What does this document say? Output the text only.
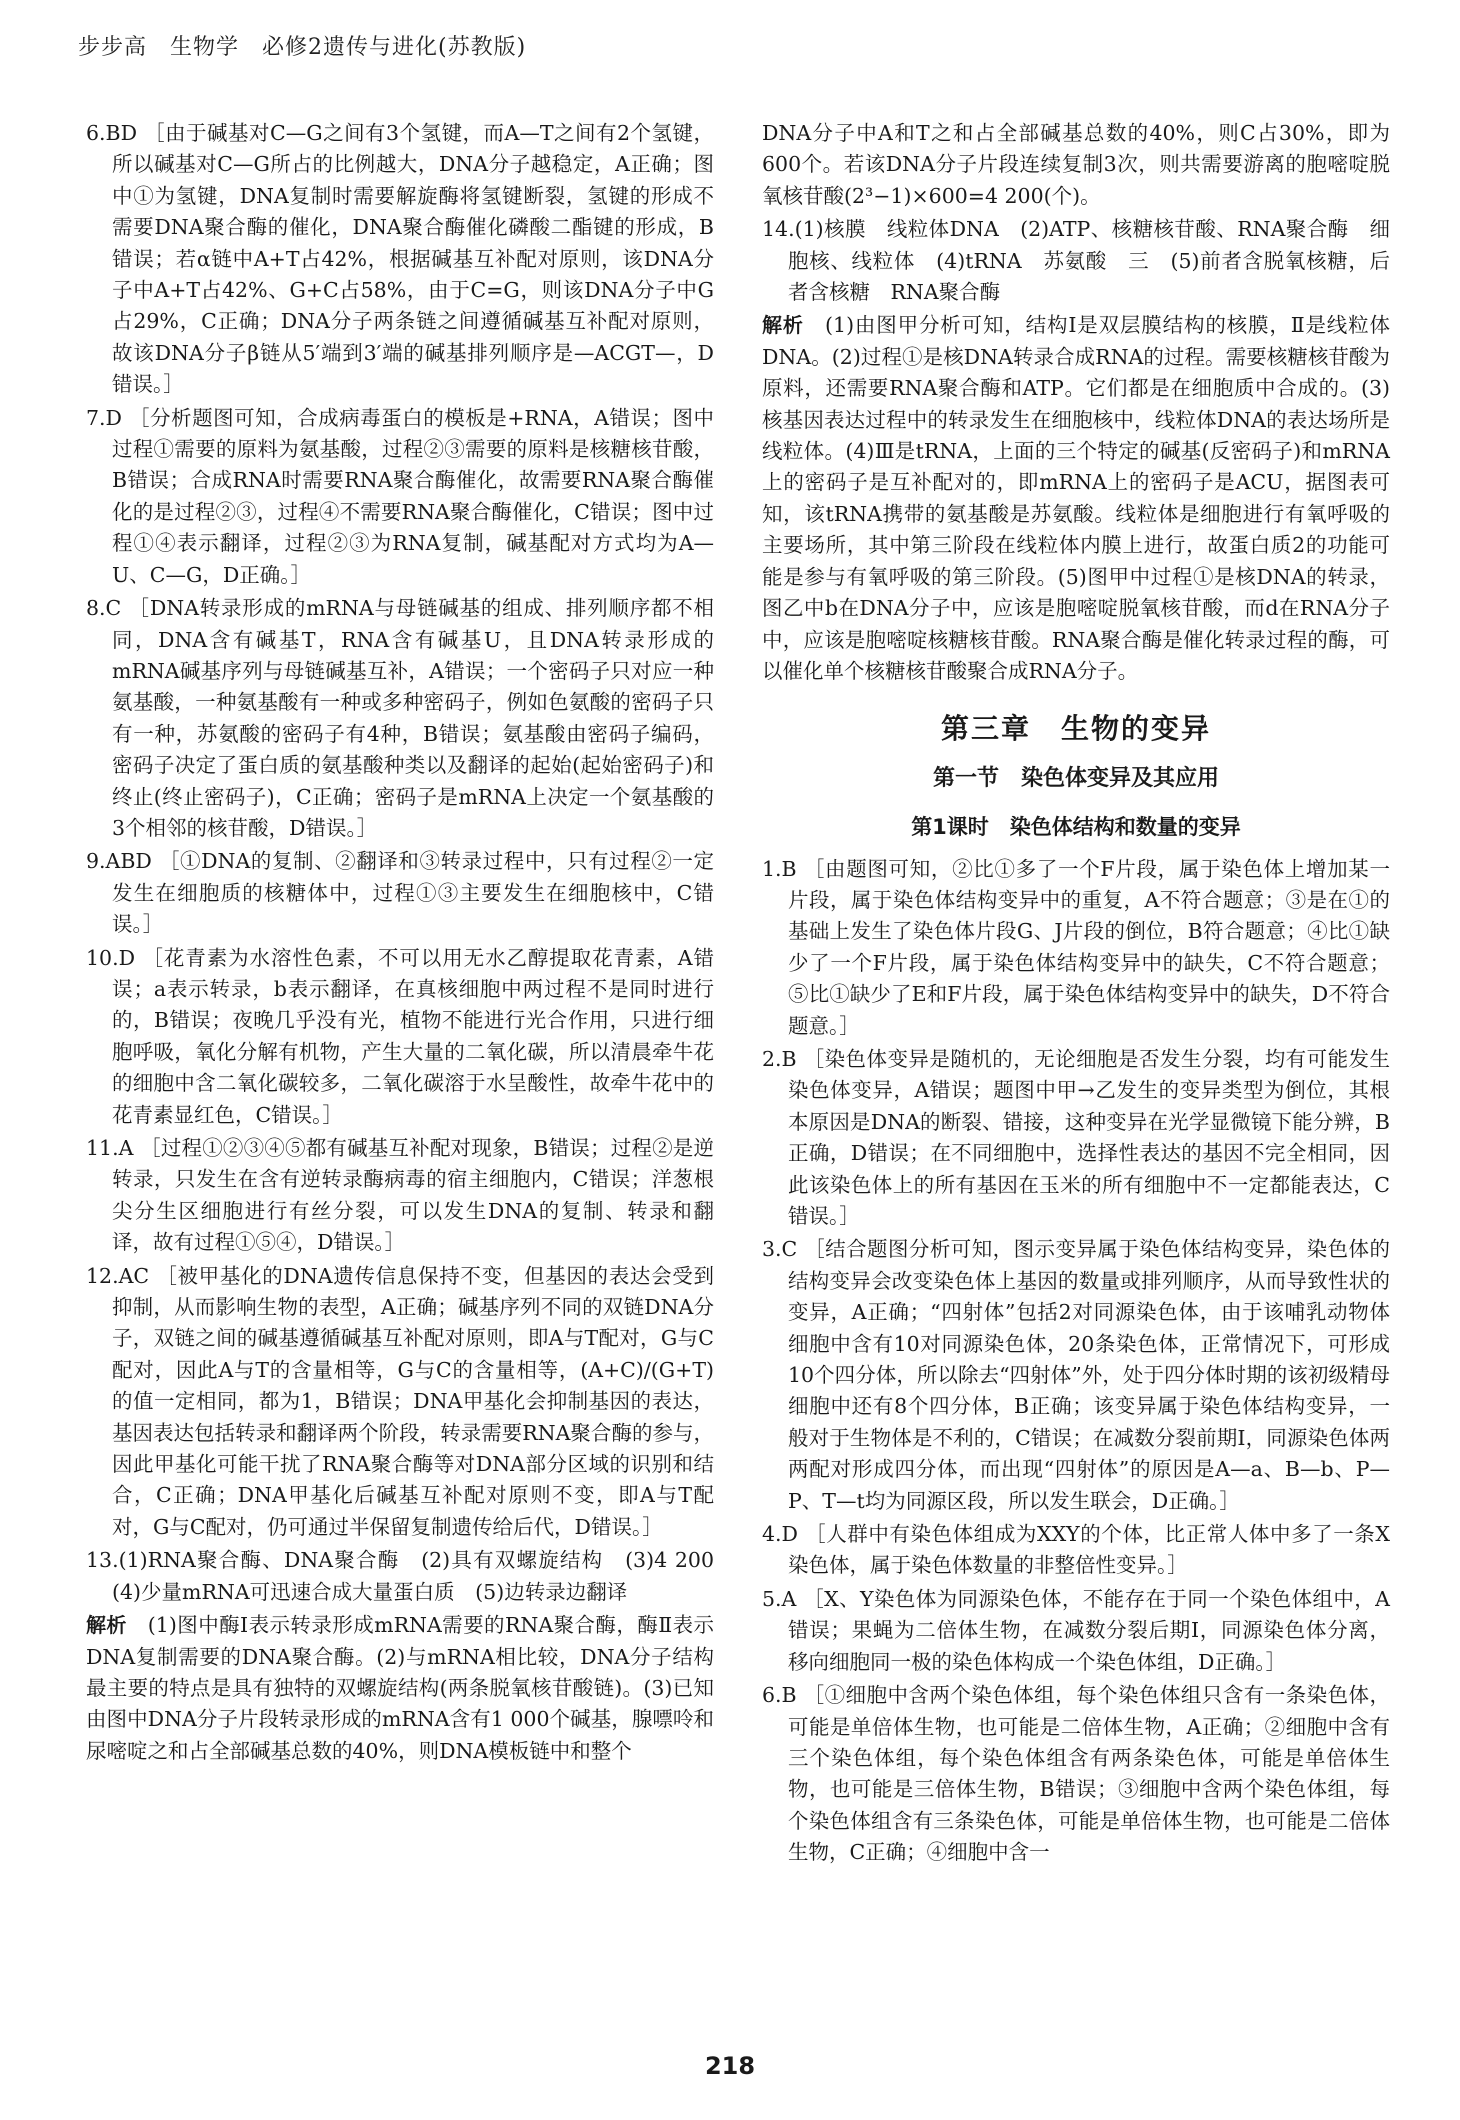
步步高　生物学　必修2遗传与进化(苏教版)
6.BD ［由于碱基对C—G之间有3个氢键，而A—T之间有2个氢键，所以碱基对C—G所占的比例越大，DNA分子越稳定，A正确；图中①为氢键，DNA复制时需要解旋酶将氢键断裂，氢键的形成不需要DNA聚合酶的催化，DNA聚合酶催化磷酸二酯键的形成，B错误；若α链中A+T占42%，根据碱基互补配对原则，该DNA分子中A+T占42%、G+C占58%，由于C=G，则该DNA分子中G占29%，C正确；DNA分子两条链之间遵循碱基互补配对原则，故该DNA分子β链从5′端到3′端的碱基排列顺序是—ACGT—，D错误。］
7.D ［分析题图可知，合成病毒蛋白的模板是+RNA，A错误；图中过程①需要的原料为氨基酸，过程②③需要的原料是核糖核苷酸，B错误；合成RNA时需要RNA聚合酶催化，故需要RNA聚合酶催化的是过程②③，过程④不需要RNA聚合酶催化，C错误；图中过程①④表示翻译，过程②③为RNA复制，碱基配对方式均为A—U、C—G，D正确。］
8.C ［DNA转录形成的mRNA与母链碱基的组成、排列顺序都不相同，DNA含有碱基T，RNA含有碱基U，且DNA转录形成的mRNA碱基序列与母链碱基互补，A错误；一个密码子只对应一种氨基酸，一种氨基酸有一种或多种密码子，例如色氨酸的密码子只有一种，苏氨酸的密码子有4种，B错误；氨基酸由密码子编码，密码子决定了蛋白质的氨基酸种类以及翻译的起始(起始密码子)和终止(终止密码子)，C正确；密码子是mRNA上决定一个氨基酸的3个相邻的核苷酸，D错误。］
9.ABD ［①DNA的复制、②翻译和③转录过程中，只有过程②一定发生在细胞质的核糖体中，过程①③主要发生在细胞核中，C错误。］
10.D ［花青素为水溶性色素，不可以用无水乙醇提取花青素，A错误；a表示转录，b表示翻译，在真核细胞中两过程不是同时进行的，B错误；夜晚几乎没有光，植物不能进行光合作用，只进行细胞呼吸，氧化分解有机物，产生大量的二氧化碳，所以清晨牵牛花的细胞中含二氧化碳较多，二氧化碳溶于水呈酸性，故牵牛花中的花青素显红色，C错误。］
11.A ［过程①②③④⑤都有碱基互补配对现象，B错误；过程②是逆转录，只发生在含有逆转录酶病毒的宿主细胞内，C错误；洋葱根尖分生区细胞进行有丝分裂，可以发生DNA的复制、转录和翻译，故有过程①⑤④，D错误。］
12.AC ［被甲基化的DNA遗传信息保持不变，但基因的表达会受到抑制，从而影响生物的表型，A正确；碱基序列不同的双链DNA分子，双链之间的碱基遵循碱基互补配对原则，即A与T配对，G与C配对，因此A与T的含量相等，G与C的含量相等，(A+C)/(G+T)的值一定相同，都为1，B错误；DNA甲基化会抑制基因的表达，基因表达包括转录和翻译两个阶段，转录需要RNA聚合酶的参与，因此甲基化可能干扰了RNA聚合酶等对DNA部分区域的识别和结合，C正确；DNA甲基化后碱基互补配对原则不变，即A与T配对，G与C配对，仍可通过半保留复制遗传给后代，D错误。］
13.(1)RNA聚合酶、DNA聚合酶　(2)具有双螺旋结构　(3)4 200　(4)少量mRNA可迅速合成大量蛋白质　(5)边转录边翻译
解析　 (1)图中酶Ⅰ表示转录形成mRNA需要的RNA聚合酶，酶Ⅱ表示DNA复制需要的DNA聚合酶。(2)与mRNA相比较，DNA分子结构最主要的特点是具有独特的双螺旋结构(两条脱氧核苷酸链)。(3)已知由图中DNA分子片段转录形成的mRNA含有1 000个碱基，腺嘌呤和尿嘧啶之和占全部碱基总数的40%，则DNA模板链中和整个
DNA分子中A和T之和占全部碱基总数的40%，则C占30%，即为600个。若该DNA分子片段连续复制3次，则共需要游离的胞嘧啶脱氧核苷酸(2³−1)×600=4 200(个)。
14.(1)核膜　线粒体DNA　(2)ATP、核糖核苷酸、RNA聚合酶　细胞核、线粒体　(4)tRNA　苏氨酸　三　(5)前者含脱氧核糖，后者含核糖　RNA聚合酶
解析　 (1)由图甲分析可知，结构Ⅰ是双层膜结构的核膜，Ⅱ是线粒体DNA。(2)过程①是核DNA转录合成RNA的过程。需要核糖核苷酸为原料，还需要RNA聚合酶和ATP。它们都是在细胞质中合成的。(3)核基因表达过程中的转录发生在细胞核中，线粒体DNA的表达场所是线粒体。(4)Ⅲ是tRNA，上面的三个特定的碱基(反密码子)和mRNA上的密码子是互补配对的，即mRNA上的密码子是ACU，据图表可知，该tRNA携带的氨基酸是苏氨酸。线粒体是细胞进行有氧呼吸的主要场所，其中第三阶段在线粒体内膜上进行，故蛋白质2的功能可能是参与有氧呼吸的第三阶段。(5)图甲中过程①是核DNA的转录，图乙中b在DNA分子中，应该是胞嘧啶脱氧核苷酸，而d在RNA分子中，应该是胞嘧啶核糖核苷酸。RNA聚合酶是催化转录过程的酶，可以催化单个核糖核苷酸聚合成RNA分子。
第三章　生物的变异
第一节　染色体变异及其应用
第1课时　染色体结构和数量的变异
1.B ［由题图可知，②比①多了一个F片段，属于染色体上增加某一片段，属于染色体结构变异中的重复，A不符合题意；③是在①的基础上发生了染色体片段G、J片段的倒位，B符合题意；④比①缺少了一个F片段，属于染色体结构变异中的缺失，C不符合题意；⑤比①缺少了E和F片段，属于染色体结构变异中的缺失，D不符合题意。］
2.B ［染色体变异是随机的，无论细胞是否发生分裂，均有可能发生染色体变异，A错误；题图中甲→乙发生的变异类型为倒位，其根本原因是DNA的断裂、错接，这种变异在光学显微镜下能分辨，B正确，D错误；在不同细胞中，选择性表达的基因不完全相同，因此该染色体上的所有基因在玉米的所有细胞中不一定都能表达，C错误。］
3.C ［结合题图分析可知，图示变异属于染色体结构变异，染色体的结构变异会改变染色体上基因的数量或排列顺序，从而导致性状的变异，A正确；“四射体”包括2对同源染色体，由于该哺乳动物体细胞中含有10对同源染色体，20条染色体，正常情况下，可形成10个四分体，所以除去“四射体”外，处于四分体时期的该初级精母细胞中还有8个四分体，B正确；该变异属于染色体结构变异，一般对于生物体是不利的，C错误；在减数分裂前期Ⅰ，同源染色体两两配对形成四分体，而出现“四射体”的原因是A—a、B—b、P—P、T—t均为同源区段，所以发生联会，D正确。］
4.D ［人群中有染色体组成为XXY的个体，比正常人体中多了一条X染色体，属于染色体数量的非整倍性变异。］
5.A ［X、Y染色体为同源染色体，不能存在于同一个染色体组中，A错误；果蝇为二倍体生物，在减数分裂后期Ⅰ，同源染色体分离，移向细胞同一极的染色体构成一个染色体组，D正确。］
6.B ［①细胞中含两个染色体组，每个染色体组只含有一条染色体，可能是单倍体生物，也可能是二倍体生物，A正确；②细胞中含有三个染色体组，每个染色体组含有两条染色体，可能是单倍体生物，也可能是三倍体生物，B错误；③细胞中含两个染色体组，每个染色体组含有三条染色体，可能是单倍体生物，也可能是二倍体生物，C正确；④细胞中含一
218
